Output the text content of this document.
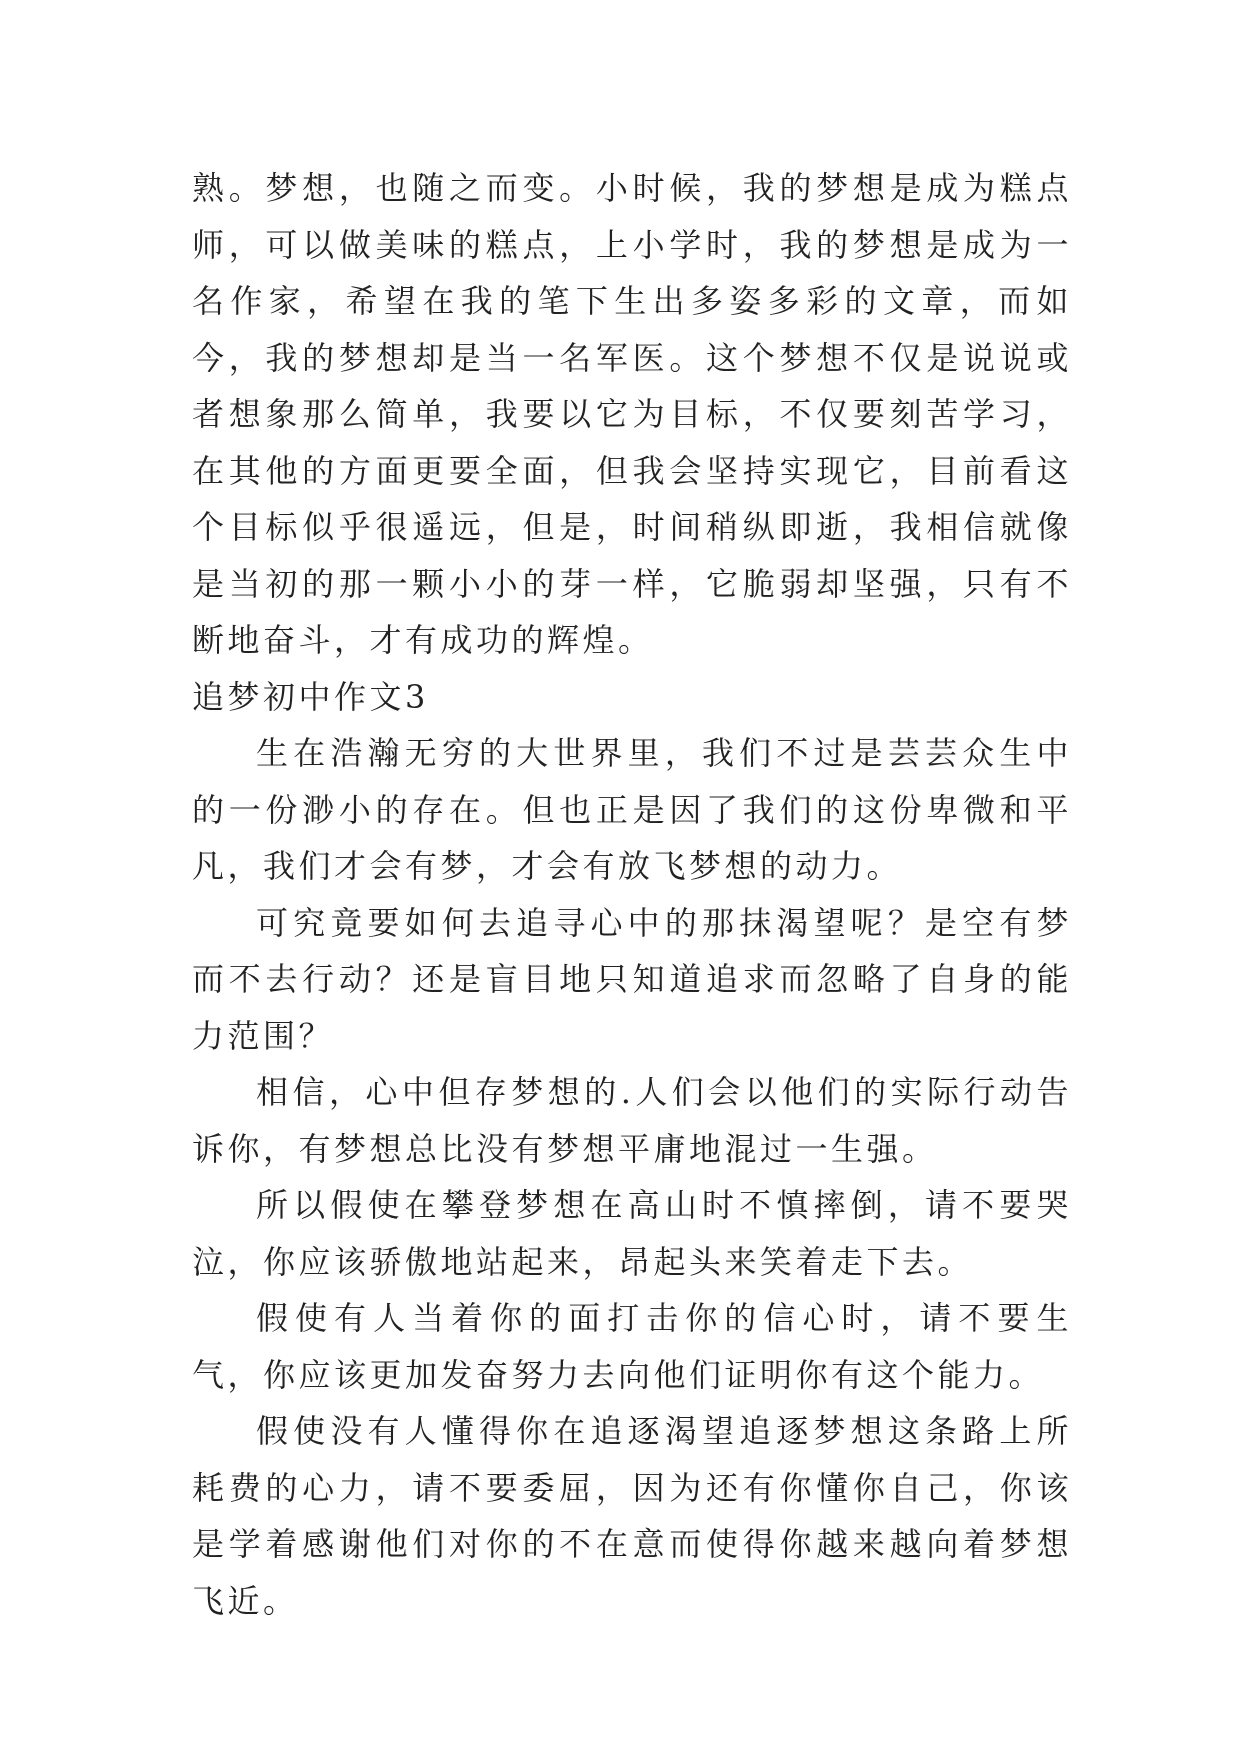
熟。梦想，也随之而变。小时候，我的梦想是成为糕点师，可以做美味的糕点，上小学时，我的梦想是成为一名作家，希望在我的笔下生出多姿多彩的文章，而如今，我的梦想却是当一名军医。这个梦想不仅是说说或者想象那么简单，我要以它为目标，不仅要刻苦学习，在其他的方面更要全面，但我会坚持实现它，目前看这个目标似乎很遥远，但是，时间稍纵即逝，我相信就像是当初的那一颗小小的芽一样，它脆弱却坚强，只有不断地奋斗，才有成功的辉煌。

追梦初中作文3

生在浩瀚无穷的大世界里，我们不过是芸芸众生中的一份渺小的存在。但也正是因了我们的这份卑微和平凡，我们才会有梦，才会有放飞梦想的动力。

可究竟要如何去追寻心中的那抹渴望呢？是空有梦而不去行动？还是盲目地只知道追求而忽略了自身的能力范围？

相信，心中但存梦想的.人们会以他们的实际行动告诉你，有梦想总比没有梦想平庸地混过一生强。

所以假使在攀登梦想在高山时不慎摔倒，请不要哭泣，你应该骄傲地站起来，昂起头来笑着走下去。

假使有人当着你的面打击你的信心时，请不要生气，你应该更加发奋努力去向他们证明你有这个能力。

假使没有人懂得你在追逐渴望追逐梦想这条路上所耗费的心力，请不要委屈，因为还有你懂你自己，你该是学着感谢他们对你的不在意而使得你越来越向着梦想飞近。
